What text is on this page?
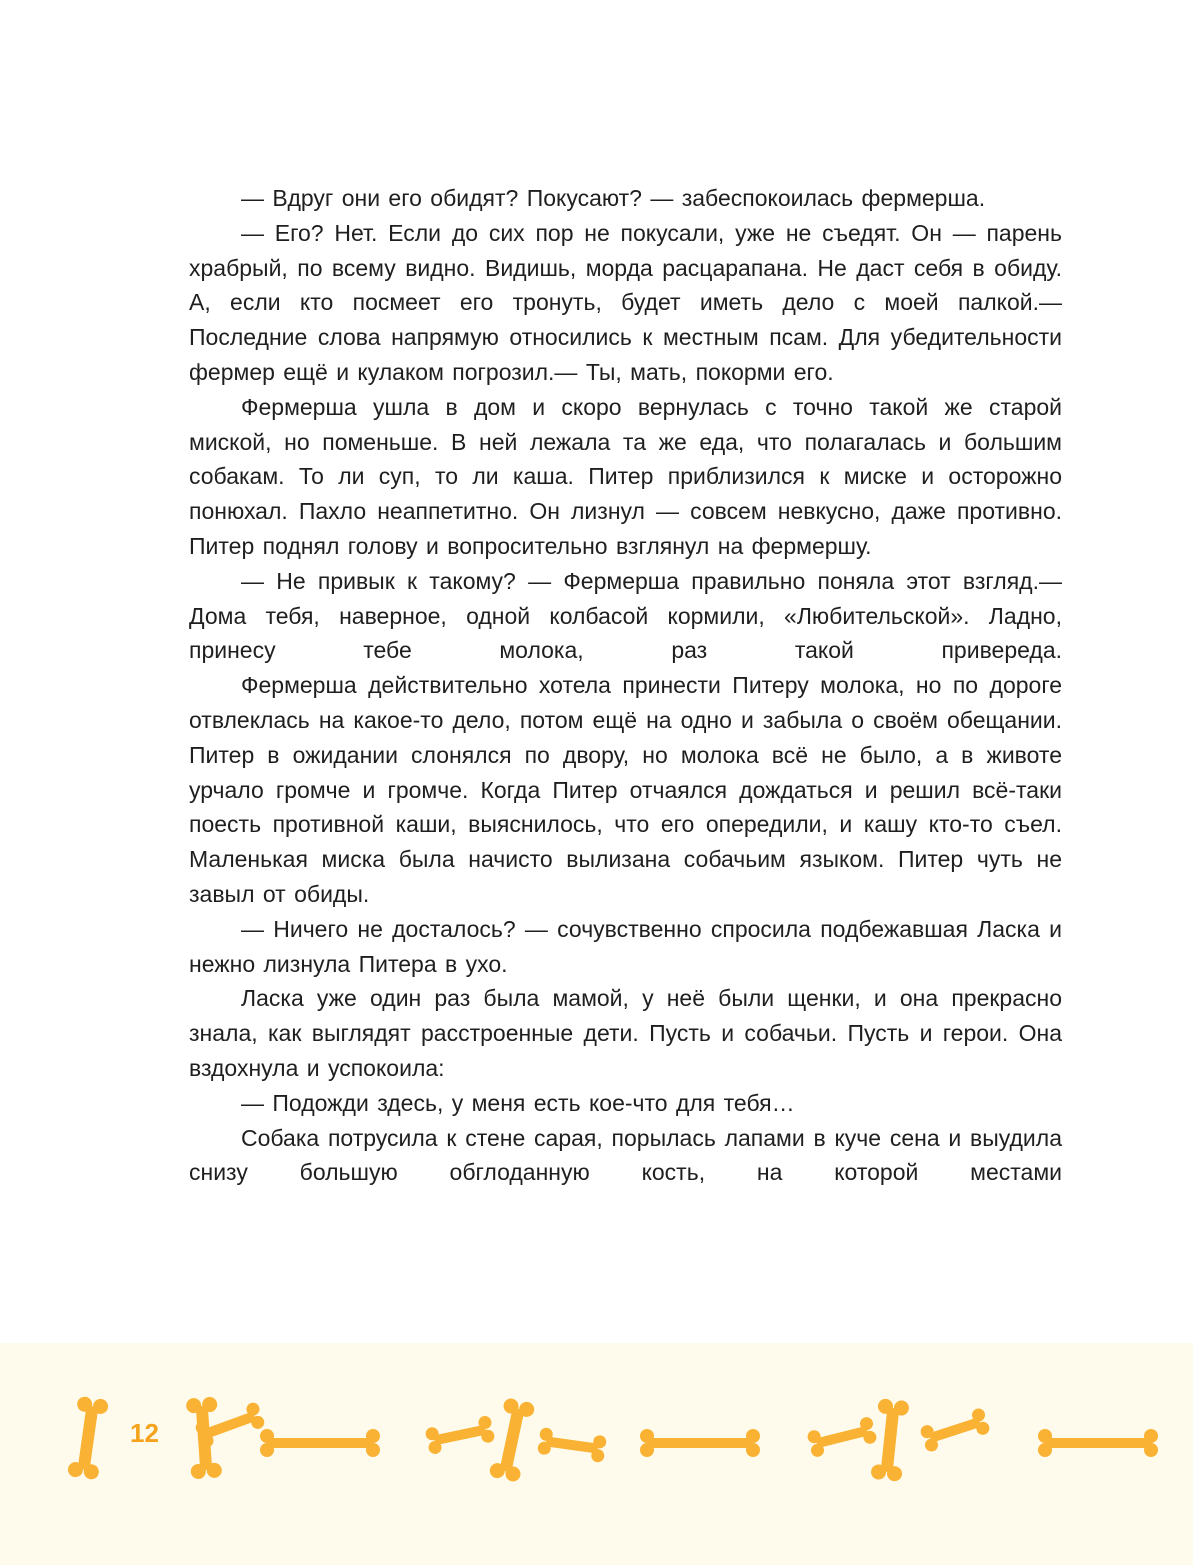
— Вдруг они его обидят? Покусают? — забеспокоилась фермерша.

— Его? Нет. Если до сих пор не покусали, уже не съедят. Он — парень храбрый, по всему видно. Видишь, морда расцарапана. Не даст себя в обиду. А, если кто посмеет его тронуть, будет иметь дело с моей палкой.— Последние слова напрямую относились к местным псам. Для убедительности фермер ещё и кулаком погрозил.— Ты, мать, покорми его.

Фермерша ушла в дом и скоро вернулась с точно такой же старой миской, но поменьше. В ней лежала та же еда, что полагалась и большим собакам. То ли суп, то ли каша. Питер приблизился к миске и осторожно понюхал. Пахло неаппетитно. Он лизнул — совсем невкусно, даже противно. Питер поднял голову и вопросительно взглянул на фермершу.

— Не привык к такому? — Фермерша правильно поняла этот взгляд.— Дома тебя, наверное, одной колбасой кормили, «Любительской». Ладно, принесу тебе молока, раз такой привереда.

Фермерша действительно хотела принести Питеру молока, но по дороге отвлеклась на какое-то дело, потом ещё на одно и забыла о своём обещании. Питер в ожидании слонялся по двору, но молока всё не было, а в животе урчало громче и громче. Когда Питер отчаялся дождаться и решил всё-таки поесть противной каши, выяснилось, что его опередили, и кашу кто-то съел. Маленькая миска была начисто вылизана собачьим языком. Питер чуть не завыл от обиды.

— Ничего не досталось? — сочувственно спросила подбежавшая Ласка и нежно лизнула Питера в ухо.

Ласка уже один раз была мамой, у неё были щенки, и она прекрасно знала, как выглядят расстроенные дети. Пусть и собачьи. Пусть и герои. Она вздохнула и успокоила:

— Подожди здесь, у меня есть кое-что для тебя…

Собака потрусила к стене сарая, порылась лапами в куче сена и выудила снизу большую обглоданную кость, на которой местами

12
